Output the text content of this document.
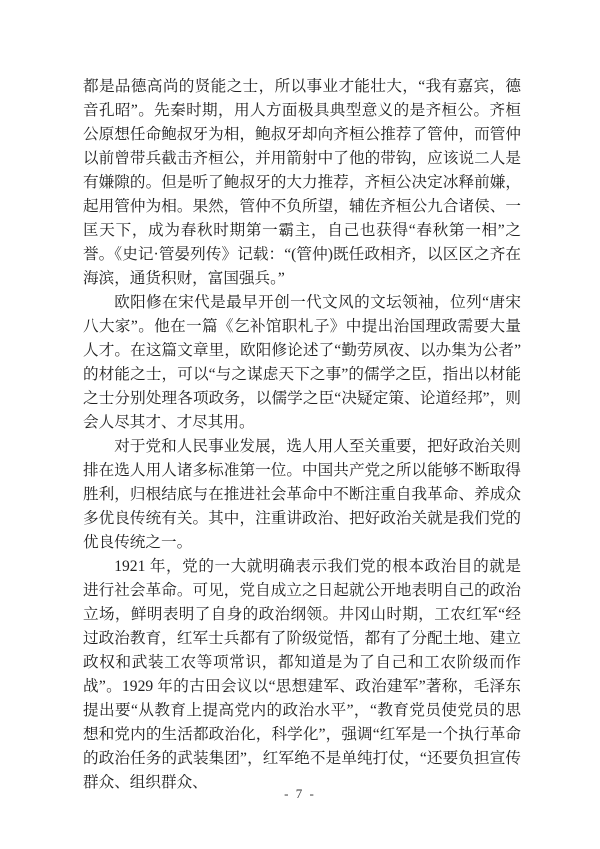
都是品德高尚的贤能之士，所以事业才能壮大，“我有嘉宾，德音孔昭”。先秦时期，用人方面极具典型意义的是齐桓公。齐桓公原想任命鲍叔牙为相，鲍叔牙却向齐桓公推荐了管仲，而管仲以前曾带兵截击齐桓公，并用箭射中了他的带钩，应该说二人是有嫌隙的。但是听了鲍叔牙的大力推荐，齐桓公决定冰释前嫌，起用管仲为相。果然，管仲不负所望，辅佐齐桓公九合诸侯、一匡天下，成为春秋时期第一霸主，自己也获得“春秋第一相”之誉。《史记·管晏列传》记载：“(管仲)既任政相齐，以区区之齐在海滨，通货积财，富国强兵。”

欧阳修在宋代是最早开创一代文风的文坛领袖，位列“唐宋八大家”。他在一篇《乞补馆职札子》中提出治国理政需要大量人才。在这篇文章里，欧阳修论述了“勤劳夙夜、以办集为公者”的材能之士，可以“与之谋虑天下之事”的儒学之臣，指出以材能之士分别处理各项政务，以儒学之臣“决疑定策、论道经邦”，则会人尽其才、才尽其用。

对于党和人民事业发展，选人用人至关重要，把好政治关则排在选人用人诸多标准第一位。中国共产党之所以能够不断取得胜利，归根结底与在推进社会革命中不断注重自我革命、养成众多优良传统有关。其中，注重讲政治、把好政治关就是我们党的优良传统之一。

1921 年，党的一大就明确表示我们党的根本政治目的就是进行社会革命。可见，党自成立之日起就公开地表明自己的政治立场，鲜明表明了自身的政治纲领。井冈山时期，工农红军“经过政治教育，红军士兵都有了阶级觉悟，都有了分配土地、建立政权和武装工农等项常识，都知道是为了自己和工农阶级而作战”。1929 年的古田会议以“思想建军、政治建军”著称，毛泽东提出要“从教育上提高党内的政治水平”，“教育党员使党员的思想和党内的生活都政治化，科学化”，强调“红军是一个执行革命的政治任务的武装集团”，红军绝不是单纯打仗，“还要负担宣传群众、组织群众、

- 7 -
